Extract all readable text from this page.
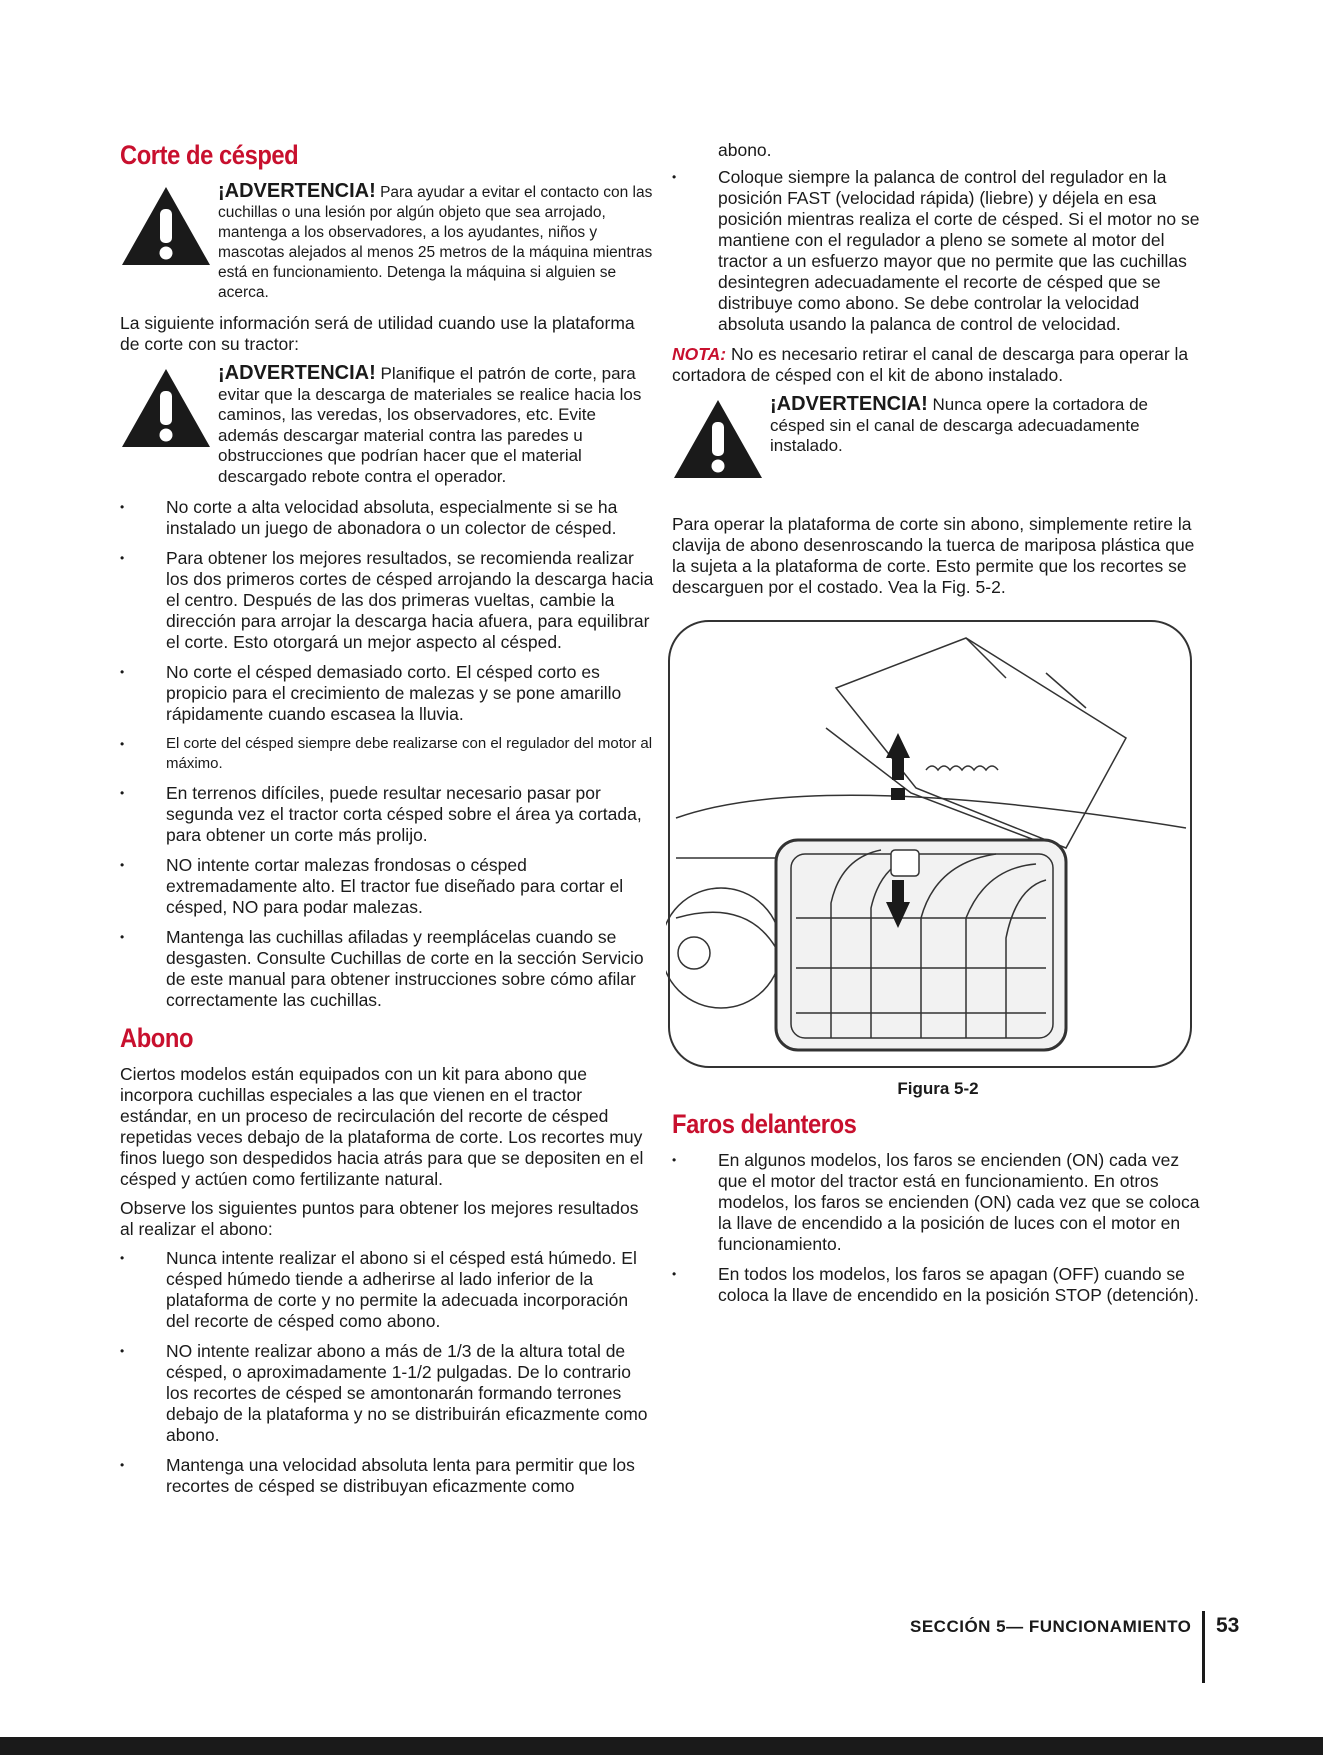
Corte de césped
¡ADVERTENCIA! Para ayudar a evitar el contacto con las cuchillas o una lesión por algún objeto que sea arrojado, mantenga a los observadores, a los ayudantes, niños y mascotas alejados al menos 25 metros de la máquina mientras está en funcionamiento. Detenga la máquina si alguien se acerca.

La siguiente información será de utilidad cuando use la plataforma de corte con su tractor:

¡ADVERTENCIA! Planifique el patrón de corte, para evitar que la descarga de materiales se realice hacia los caminos, las veredas, los observadores, etc. Evite además descargar material contra las paredes u obstrucciones que podrían hacer que el material descargado rebote contra el operador.
• No corte a alta velocidad absoluta, especialmente si se ha instalado un juego de abonadora o un colector de césped.
• Para obtener los mejores resultados, se recomienda realizar los dos primeros cortes de césped arrojando la descarga hacia el centro. Después de las dos primeras vueltas, cambie la dirección para arrojar la descarga hacia afuera, para equilibrar el corte. Esto otorgará un mejor aspecto al césped.
• No corte el césped demasiado corto. El césped corto es propicio para el crecimiento de malezas y se pone amarillo rápidamente cuando escasea la lluvia.
• El corte del césped siempre debe realizarse con el regulador del motor al máximo.
• En terrenos difíciles, puede resultar necesario pasar por segunda vez el tractor corta césped sobre el área ya cortada, para obtener un corte más prolijo.
• NO intente cortar malezas frondosas o césped extremadamente alto. El tractor fue diseñado para cortar el césped, NO para podar malezas.
• Mantenga las cuchillas afiladas y reemplácelas cuando se desgasten. Consulte Cuchillas de corte en la sección Servicio de este manual para obtener instrucciones sobre cómo afilar correctamente las cuchillas.
Abono

Ciertos modelos están equipados con un kit para abono que incorpora cuchillas especiales a las que vienen en el tractor estándar, en un proceso de recirculación del recorte de césped repetidas veces debajo de la plataforma de corte. Los recortes muy finos luego son despedidos hacia atrás para que se depositen en el césped y actúen como fertilizante natural.

Observe los siguientes puntos para obtener los mejores resultados al realizar el abono:

• Nunca intente realizar el abono si el césped está húmedo. El césped húmedo tiende a adherirse al lado inferior de la plataforma de corte y no permite la adecuada incorporación del recorte de césped como abono.
• NO intente realizar abono a más de 1/3 de la altura total de césped, o aproximadamente 1-1/2 pulgadas. De lo contrario los recortes de césped se amontonarán formando terrones debajo de la plataforma y no se distribuirán eficazmente como abono.
• Mantenga una velocidad absoluta lenta para permitir que los recortes de césped se distribuyan eficazmente como

abono.

• Coloque siempre la palanca de control del regulador en la posición FAST (velocidad rápida) (liebre) y déjela en esa posición mientras realiza el corte de césped. Si el motor no se mantiene con el regulador a pleno se somete al motor del tractor a un esfuerzo mayor que no permite que las cuchillas desintegren adecuadamente el recorte de césped que se distribuye como abono. Se debe controlar la velocidad absoluta usando la palanca de control de velocidad.

NOTA: No es necesario retirar el canal de descarga para operar la cortadora de césped con el kit de abono instalado.

¡ADVERTENCIA! Nunca opere la cortadora de césped sin el canal de descarga adecuadamente instalado.

Para operar la plataforma de corte sin abono, simplemente retire la clavija de abono desenroscando la tuerca de mariposa plástica que la sujeta a la plataforma de corte. Esto permite que los recortes se descarguen por el costado. Vea la Fig. 5-2.

Figura 5-2
Faros delanteros
• En algunos modelos, los faros se encienden (ON) cada vez que el motor del tractor está en funcionamiento. En otros modelos, los faros se encienden (ON) cada vez que se coloca la llave de encendido a la posición de luces con el motor en funcionamiento.
• En todos los modelos, los faros se apagan (OFF) cuando se coloca la llave de encendido en la posición STOP (detención).
SECCIÓN 5— FUNCIONAMIENTO 53
